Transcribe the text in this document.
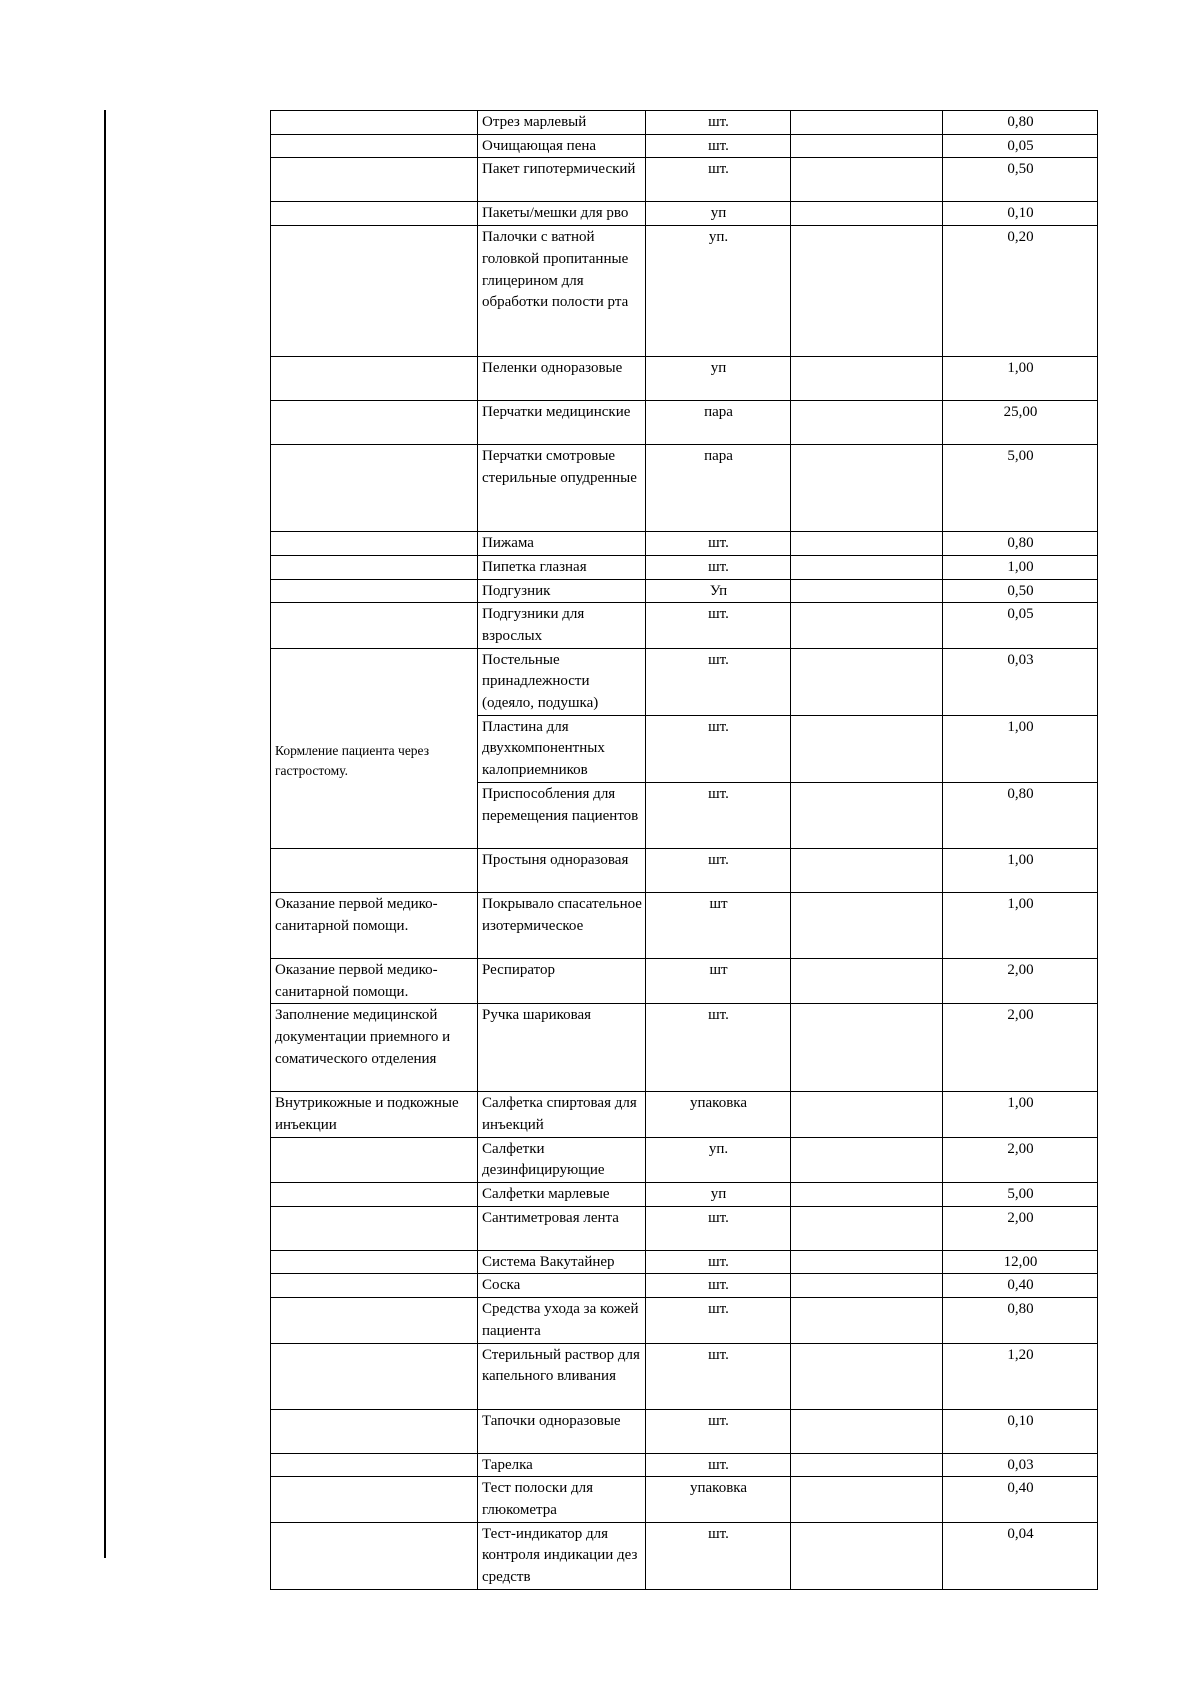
	Отрез марлевый	шт.		0,80
	Очищающая пена	шт.		0,05
	Пакет гипотермический	шт.		0,50
	Пакеты/мешки для рво	уп		0,10
	Палочки с ватной головкой пропитанные глицерином для обработки полости рта	уп.		0,20
	Пеленки одноразовые	уп		1,00
	Перчатки медицинские	пара		25,00
	Перчатки смотровые стерильные опудренные	пара		5,00
	Пижама	шт.		0,80
	Пипетка глазная	шт.		1,00
	Подгузник	Уп		0,50
	Подгузники для взрослых	шт.		0,05

Кормление пациента через гастростому.	Постельные принадлежности (одеяло, подушка)	шт.		0,03
	Пластина для двухкомпонентных калоприемников	шт.		1,00
	Приспособления для перемещения пациентов	шт.		0,80
	Простыня одноразовая	шт.		1,00
Оказание первой медико-санитарной помощи.	Покрывало спасательное изотермическое	шт		1,00
Оказание первой медико-санитарной помощи.	Респиратор	шт		2,00
Заполнение медицинской документации приемного и соматического отделения	Ручка шариковая	шт.		2,00
Внутрикожные и подкожные инъекции	Салфетка спиртовая для инъекций	упаковка		1,00
	Салфетки дезинфицирующие	уп.		2,00
	Салфетки марлевые	уп		5,00
	Сантиметровая лента	шт.		2,00
	Система Вакутайнер	шт.		12,00
	Соска	шт.		0,40
	Средства ухода за кожей пациента	шт.		0,80
	Стерильный раствор для капельного вливания	шт.		1,20
	Тапочки одноразовые	шт.		0,10
	Тарелка	шт.		0,03
	Тест полоски для глюкометра	упаковка		0,40
	Тест-индикатор для контроля индикации дез средств	шт.		0,04
